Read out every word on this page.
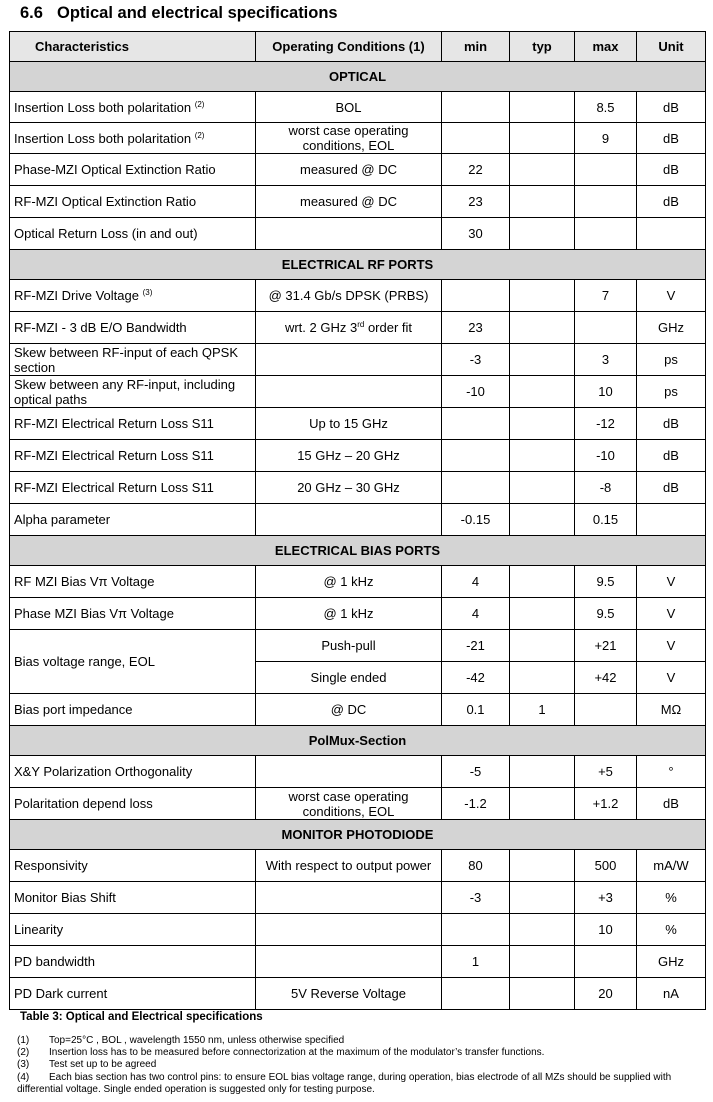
6.6 Optical and electrical specifications
Characteristics	Operating Conditions (1)	min	typ	max	Unit
OPTICAL					
Insertion Loss both polaritation $^{(2)}$	BOL			8.5	dB
Insertion Loss both polaritation $^{(2)}$	worst case operating conditions, EOL			9	dB
Phase-MZI Optical Extinction Ratio	measured @ DC	22			dB
RF-MZI Optical Extinction Ratio	measured @ DC	23			dB
Optical Return Loss (in and out)		30			
ELECTRICAL RF PORTS					
RF-MZI Drive Voltage $^{(3)}$	@ 31.4 Gb/s DPSK (PRBS)			7	V
RF-MZI - 3 dB E/O Bandwidth	wrt. 2 GHz 3rd order fit	23			GHz
Skew between RF-input of each QPSK section		-3		3	ps
Skew between any RF-input, including optical paths		-10		10	ps
RF-MZI Electrical Return Loss S11	Up to 15 GHz			-12	dB
RF-MZI Electrical Return Loss S11	15 GHz – 20 GHz			-10	dB
RF-MZI Electrical Return Loss S11	20 GHz – 30 GHz			-8	dB
Alpha parameter		-0.15		0.15	
ELECTRICAL BIAS PORTS					
RF MZI Bias Vπ Voltage	@ 1 kHz	4		9.5	V
Phase MZI Bias Vπ Voltage	@ 1 kHz	4		9.5	V
Bias voltage range, EOL	Push-pull	-21		+21	V
	Single ended	-42		+42	V
Bias port impedance	@ DC	0.1	1		MΩ
PolMux-Section					
X&Y Polarization Orthogonality		-5		+5	°
Polaritation depend loss	worst case operating conditions, EOL	-1.2		+1.2	dB
MONITOR PHOTODIODE					
Responsivity	With respect to output power	80		500	mA/W
Monitor Bias Shift		-3		+3	%
Linearity				10	%
PD bandwidth		1			GHz
PD Dark current	5V Reverse Voltage			20	nA
Table 3: Optical and Electrical specifications
(1) Top=25°C , BOL , wavelength 1550 nm, unless otherwise specified
(2) Insertion loss has to be measured before connectorization at the maximum of the modulator’s transfer functions.
(3) Test set up to be agreed
(4) Each bias section has two control pins: to ensure EOL bias voltage range, during operation, bias electrode of all MZs should be supplied with differential voltage. Single ended operation is suggested only for testing purpose.
